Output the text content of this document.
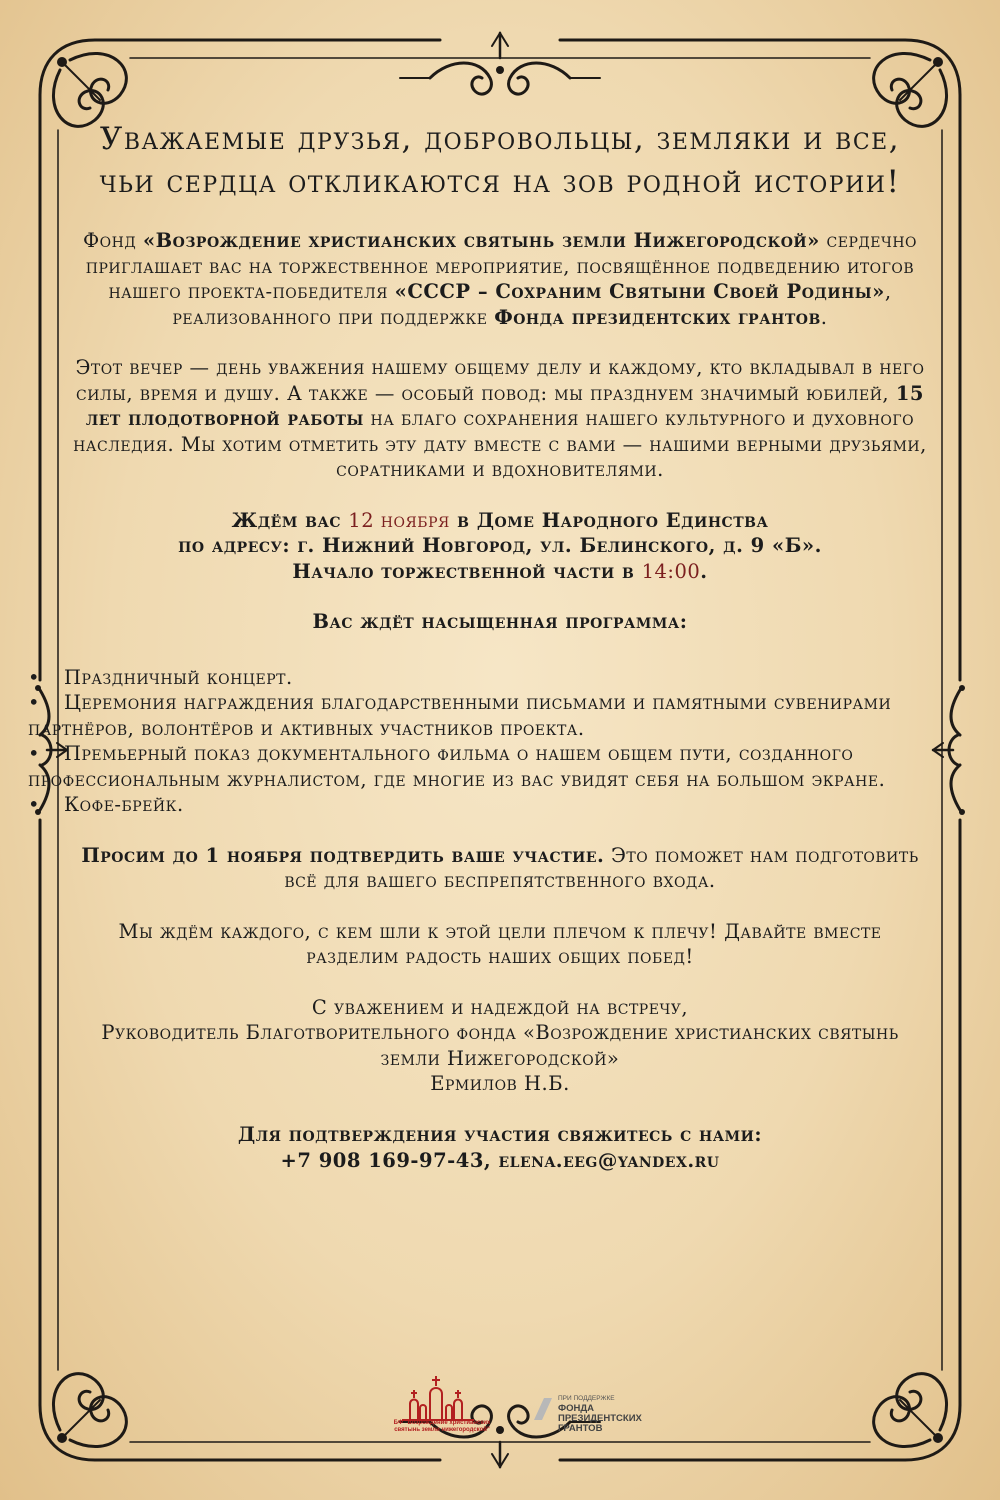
Уважаемые друзья, добровольцы, земляки и все, чьи сердца откликаются на зов родной истории!

Фонд «Возрождение христианских святынь земли Нижегородской» сердечно приглашает вас на торжественное мероприятие, посвящённое подведению итогов нашего проекта-победителя «СССР – Сохраним Святыни Своей Родины», реализованного при поддержке Фонда президентских грантов.

Этот вечер — день уважения нашему общему делу и каждому, кто вкладывал в него силы, время и душу. А также — особый повод: мы празднуем значимый юбилей, 15 лет плодотворной работы на благо сохранения нашего культурного и духовного наследия. Мы хотим отметить эту дату вместе с вами — нашими верными друзьями, соратниками и вдохновителями.

Ждём вас 12 ноября в Доме Народного Единства
по адресу: г. Нижний Новгород, ул. Белинского, д. 9 «Б».
Начало торжественной части в 14:00.

Вас ждёт насыщенная программа:

• Праздничный концерт.
• Церемония награждения благодарственными письмами и памятными сувенирами партнёров, волонтёров и активных участников проекта.
• Премьерный показ документального фильма о нашем общем пути, созданного профессиональным журналистом, где многие из вас увидят себя на большом экране.
• Кофе-брейк.

Просим до 1 ноября подтвердить ваше участие. Это поможет нам подготовить всё для вашего беспрепятственного входа.

Мы ждём каждого, с кем шли к этой цели плечом к плечу! Давайте вместе разделим радость наших общих побед!

С уважением и надеждой на встречу,
Руководитель Благотворительного фонда «Возрождение христианских святынь земли Нижегородской»
Ермилов Н.Б.

Для подтверждения участия свяжитесь с нами:
+7 908 169-97-43, elena.eeg@yandex.ru

БФ "Возрождение христианских святынь земли нижегородской"
ПРИ ПОДДЕРЖКЕ
ФОНДА ПРЕЗИДЕНТСКИХ ГРАНТОВ
